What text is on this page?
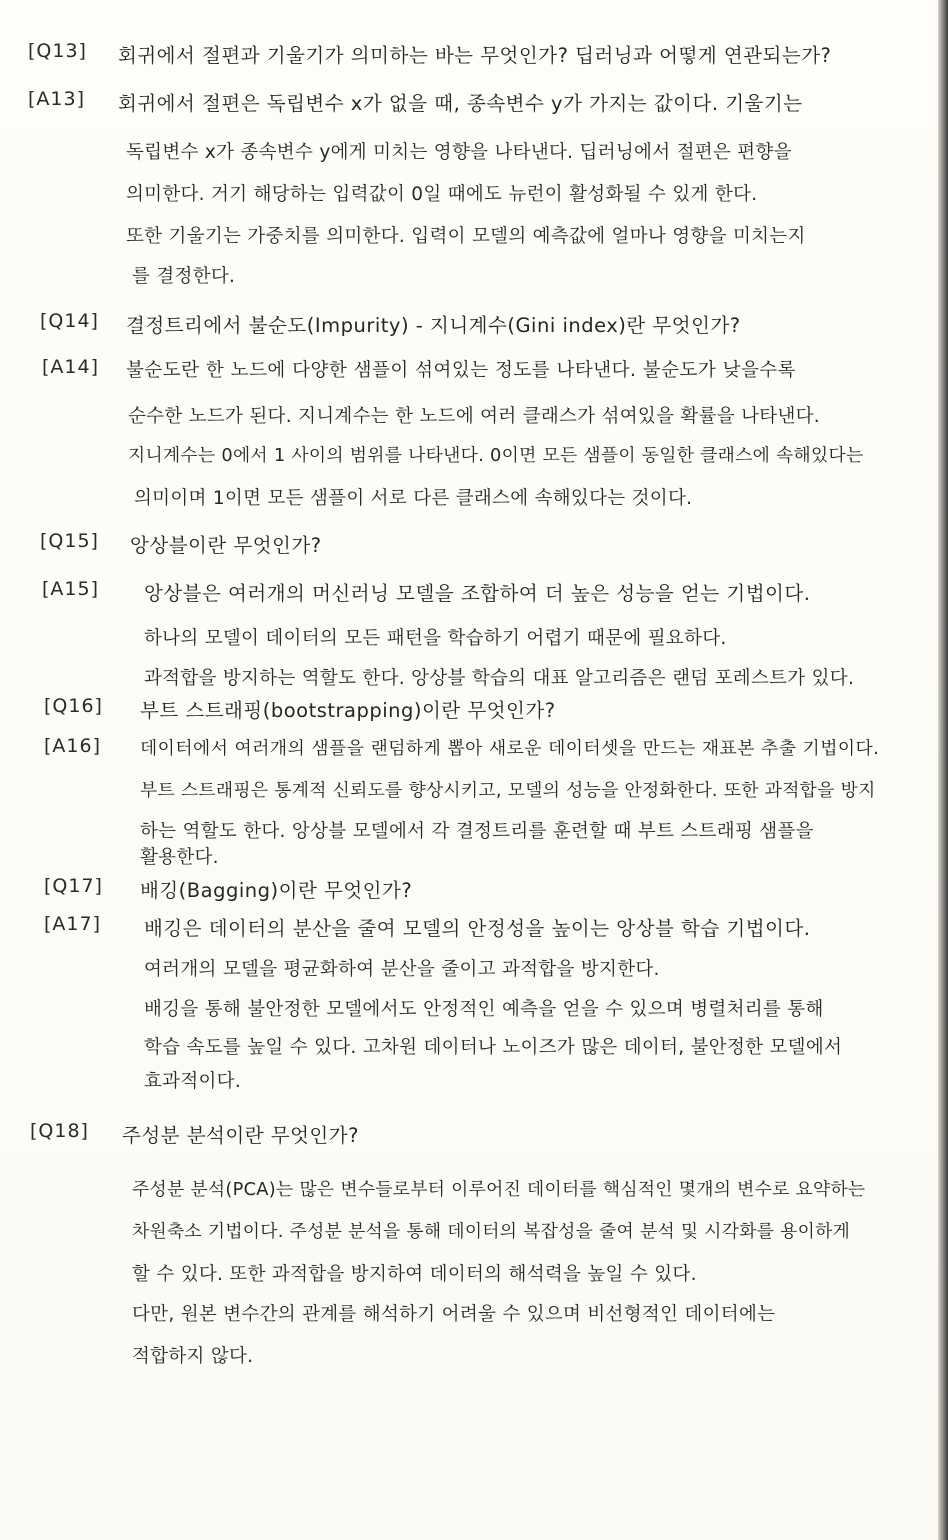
[Q13] 회귀에서 절편과 기울기가 의미하는 바는 무엇인가? 딥러닝과 어떻게 연관되는가?
[A13] 회귀에서 절편은 독립변수 x가 없을 때, 종속변수 y가 가지는 값이다. 기울기는
독립변수 x가 종속변수 y에게 미치는 영향을 나타낸다. 딥러닝에서 절편은 편향을
의미한다. 거기 해당하는 입력값이 0일 때에도 뉴런이 활성화될 수 있게 한다.
또한 기울기는 가중치를 의미한다. 입력이 모델의 예측값에 얼마나 영향을 미치는지
를 결정한다.
[Q14] 결정트리에서 불순도(Impurity) - 지니계수(Gini index)란 무엇인가?
[A14] 불순도란 한 노드에 다양한 샘플이 섞여있는 정도를 나타낸다. 불순도가 낮을수록
순수한 노드가 된다. 지니계수는 한 노드에 여러 클래스가 섞여있을 확률을 나타낸다.
지니계수는 0에서 1 사이의 범위를 나타낸다. 0이면 모든 샘플이 동일한 클래스에 속해있다는
의미이며 1이면 모든 샘플이 서로 다른 클래스에 속해있다는 것이다.
[Q15] 앙상블이란 무엇인가?
[A15] 앙상블은 여러개의 머신러닝 모델을 조합하여 더 높은 성능을 얻는 기법이다.
하나의 모델이 데이터의 모든 패턴을 학습하기 어렵기 때문에 필요하다.
과적합을 방지하는 역할도 한다. 앙상블 학습의 대표 알고리즘은 랜덤 포레스트가 있다.
[Q16] 부트 스트래핑(bootstrapping)이란 무엇인가?
[A16] 데이터에서 여러개의 샘플을 랜덤하게 뽑아 새로운 데이터셋을 만드는 재표본 추출 기법이다.
부트 스트래핑은 통계적 신뢰도를 향상시키고, 모델의 성능을 안정화한다. 또한 과적합을 방지
하는 역할도 한다. 앙상블 모델에서 각 결정트리를 훈련할 때 부트 스트래핑 샘플을
활용한다.
[Q17] 배깅(Bagging)이란 무엇인가?
[A17] 배깅은 데이터의 분산을 줄여 모델의 안정성을 높이는 앙상블 학습 기법이다.
여러개의 모델을 평균화하여 분산을 줄이고 과적합을 방지한다.
배깅을 통해 불안정한 모델에서도 안정적인 예측을 얻을 수 있으며 병렬처리를 통해
학습 속도를 높일 수 있다. 고차원 데이터나 노이즈가 많은 데이터, 불안정한 모델에서
효과적이다.
[Q18] 주성분 분석이란 무엇인가?
주성분 분석(PCA)는 많은 변수들로부터 이루어진 데이터를 핵심적인 몇개의 변수로 요약하는
차원축소 기법이다. 주성분 분석을 통해 데이터의 복잡성을 줄여 분석 및 시각화를 용이하게
할 수 있다. 또한 과적합을 방지하여 데이터의 해석력을 높일 수 있다.
다만, 원본 변수간의 관계를 해석하기 어려울 수 있으며 비선형적인 데이터에는
적합하지 않다.
